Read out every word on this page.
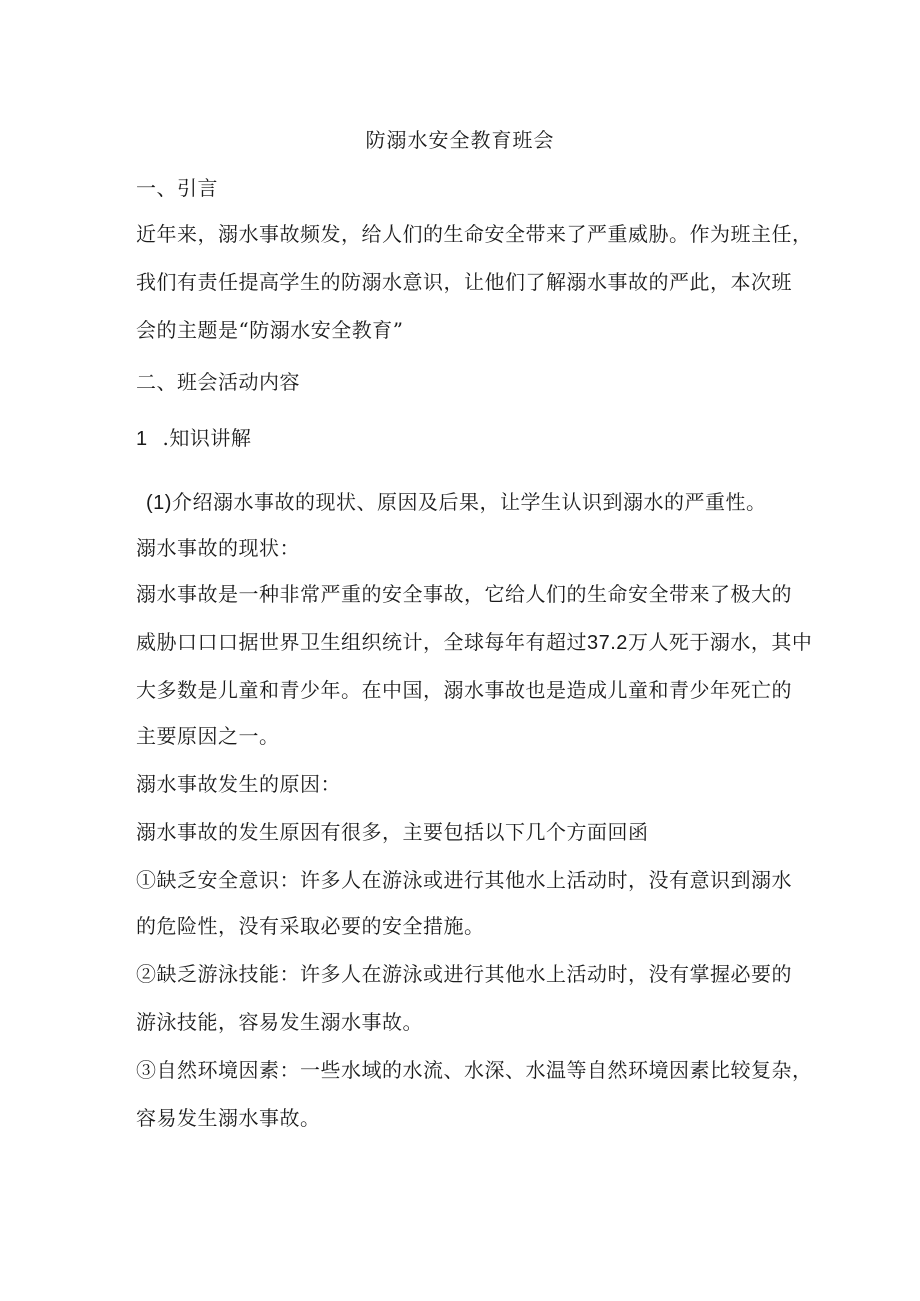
防溺水安全教育班会

一、引言

近年来，溺水事故频发，给人们的生命安全带来了严重威胁。作为班主任，

我们有责任提高学生的防溺水意识，让他们了解溺水事故的严此，本次班

会的主题是“防溺水安全教育”

二、班会活动内容

1 .知识讲解

(1)介绍溺水事故的现状、原因及后果，让学生认识到溺水的严重性。

溺水事故的现状：

溺水事故是一种非常严重的安全事故，它给人们的生命安全带来了极大的

威胁口口口据世界卫生组织统计，全球每年有超过37.2万人死于溺水，其中

大多数是儿童和青少年。在中国，溺水事故也是造成儿童和青少年死亡的

主要原因之一。

溺水事故发生的原因：

溺水事故的发生原因有很多，主要包括以下几个方面回函

①缺乏安全意识：许多人在游泳或进行其他水上活动时，没有意识到溺水

的危险性，没有采取必要的安全措施。

②缺乏游泳技能：许多人在游泳或进行其他水上活动时，没有掌握必要的

游泳技能，容易发生溺水事故。

③自然环境因素：一些水域的水流、水深、水温等自然环境因素比较复杂，

容易发生溺水事故。
